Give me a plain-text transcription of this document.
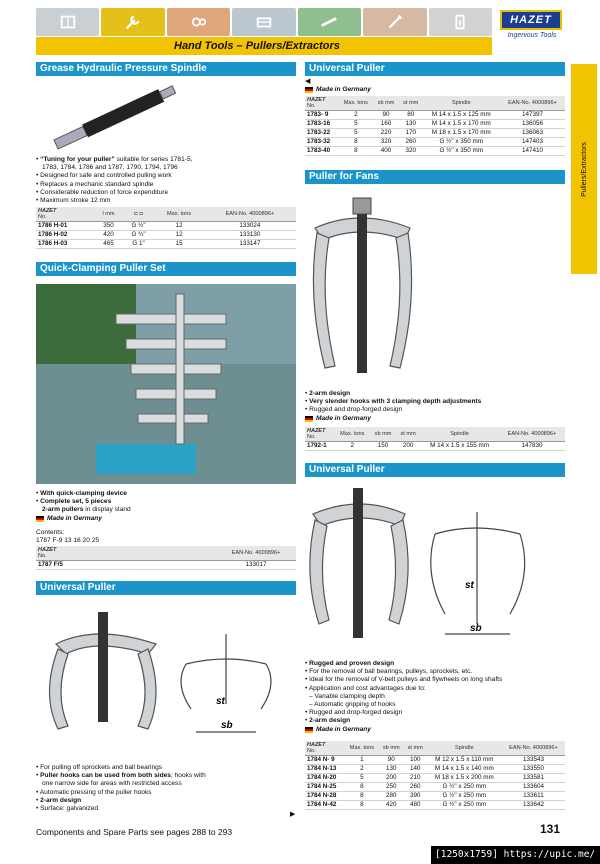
Hand Tools – Pullers/Extractors
HAZET
Ingenious Tools
Pullers/Extractors
Grease Hydraulic Pressure Spindle
• “Tuning for your puller” suitable for series 1781-5,
1783, 1784, 1786 and 1787, 1790, 1794, 1796
• Designed for safe and controlled pulling work
• Replaces a mechanic standard spindle
• Considerable reduction of force expenditure
• Maximum stroke 12 mm
HAZET
No.	l mm	⊏⊐	Max. tons	EAN-No. 4000896+
1786 H-01	350	G ½"	12	133024
1786 H-02	420	G ¾"	12	133130
1786 H-03	465	G 1"	15	133147
Quick-Clamping Puller Set
• With quick-clamping device
• Complete set, 5 pieces
2-arm pullers in display stand
Made in Germany
Contents:
1787 F-9 13 16 20 25
HAZET
No.	EAN-No. 4000896+
1787 F/5	133017
Universal Puller
st
sb
• For pulling off sprockets and ball bearings
• Puller hooks can be used from both sides; hooks with
one narrow side for areas with restricted access
• Automatic pressing of the puller hooks
• 2-arm design
• Surface: galvanized
Universal Puller
◀
Made in Germany
HAZET
No.	Max. tons	sb mm	st mm	Spindle	EAN-No. 4000896+
1783- 9	2	90	80	M 14 x 1.5 x 125 mm	147397
1783-16	5	160	130	M 14 x 1.5 x 170 mm	136056
1783-22	5	220	170	M 18 x 1.5 x 170 mm	136063
1783-32	8	320	260	G ½" x 350 mm	147403
1783-40	8	400	320	G ½" x 350 mm	147410
Puller for Fans
• 2-arm design
• Very slender hooks with 3 clamping depth adjustments
• Rugged and drop-forged design
Made in Germany
HAZET
No.	Max. tons	sb mm	st mm	Spindle	EAN-No. 4000896+
1792-1	2	150	200	M 14 x 1.5 x 155 mm	147830
Universal Puller
st
sb
• Rugged and proven design
• For the removal of ball bearings, pulleys, sprockets, etc.
• Ideal for the removal of V-belt pulleys and flywheels on long shafts
• Application and cost advantages due to:
– Variable clamping depth
– Automatic gripping of hooks
• Rugged and drop-forged design
• 2-arm design
Made in Germany
HAZET
No.	Max. tons	sb mm	st mm	Spindle	EAN-No. 4000896+
1784 N- 9	1	90	100	M 12 x 1.5 x 110 mm	133543
1784 N-13	2	130	140	M 14 x 1.5 x 140 mm	133550
1784 N-20	5	200	210	M 18 x 1.5 x 200 mm	133581
1784 N-25	8	250	260	G ½" x 250 mm	133604
1784 N-28	8	280	390	G ½" x 250 mm	133611
1784 N-42	8	420	480	G ½" x 250 mm	133642
▶
Components and Spare Parts see pages 288 to 293	131
[1250x1759] https://upic.me/
